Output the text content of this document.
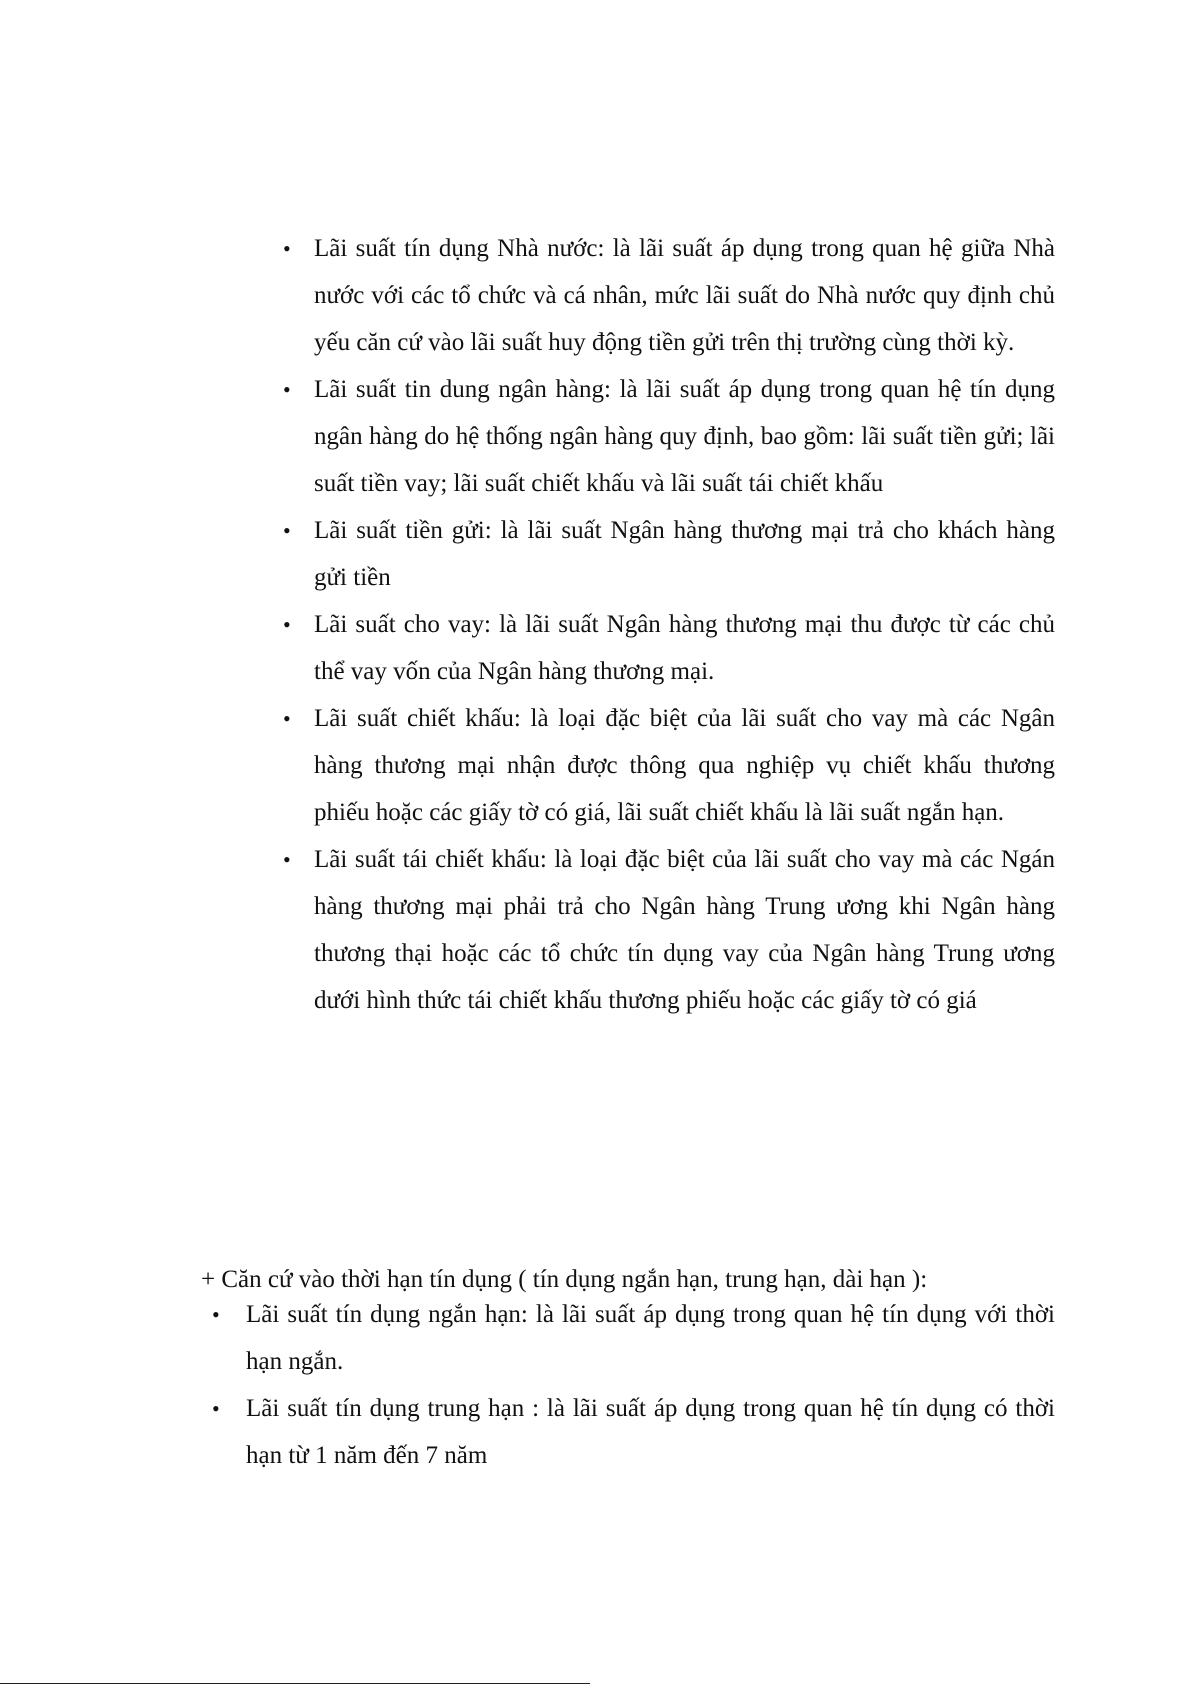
• Lãi suất tín dụng Nhà nước: là lãi suất áp dụng trong quan hệ giữa Nhà nước với các tổ chức và cá nhân, mức lãi suất do Nhà nước quy định chủ yếu căn cứ vào lãi suất huy động tiền gửi trên thị trường cùng thời kỳ.
• Lãi suất tin dung ngân hàng: là lãi suất áp dụng trong quan hệ tín dụng ngân hàng do hệ thống ngân hàng quy định, bao gồm: lãi suất tiền gửi; lãi suất tiền vay; lãi suất chiết khấu và lãi suất tái chiết khấu
• Lãi suất tiền gửi: là lãi suất Ngân hàng thương mại trả cho khách hàng gửi tiền
• Lãi suất cho vay: là lãi suất Ngân hàng thương mại thu được từ các chủ thể vay vốn của Ngân hàng thương mại.
• Lãi suất chiết khấu: là loại đặc biệt của lãi suất cho vay mà các Ngân hàng thương mại nhận được thông qua nghiệp vụ chiết khấu thương phiếu hoặc các giấy tờ có giá, lãi suất chiết khấu là lãi suất ngắn hạn.
• Lãi suất tái chiết khấu: là loại đặc biệt của lãi suất cho vay mà các Ngán hàng thương mại phải trả cho Ngân hàng Trung ương khi Ngân hàng thương thại hoặc các tổ chức tín dụng vay của Ngân hàng Trung ương dưới hình thức tái chiết khấu thương phiếu hoặc các giấy tờ có giá

+ Căn cứ vào thời hạn tín dụng ( tín dụng ngắn hạn, trung hạn, dài hạn ):

•	Lãi suất tín dụng ngắn hạn: là lãi suất áp dụng trong quan hệ tín dụng với thời hạn ngắn.
•	Lãi suất tín dụng trung hạn : là lãi suất áp dụng trong quan hệ tín dụng có thời hạn từ 1 năm đến 7 năm
